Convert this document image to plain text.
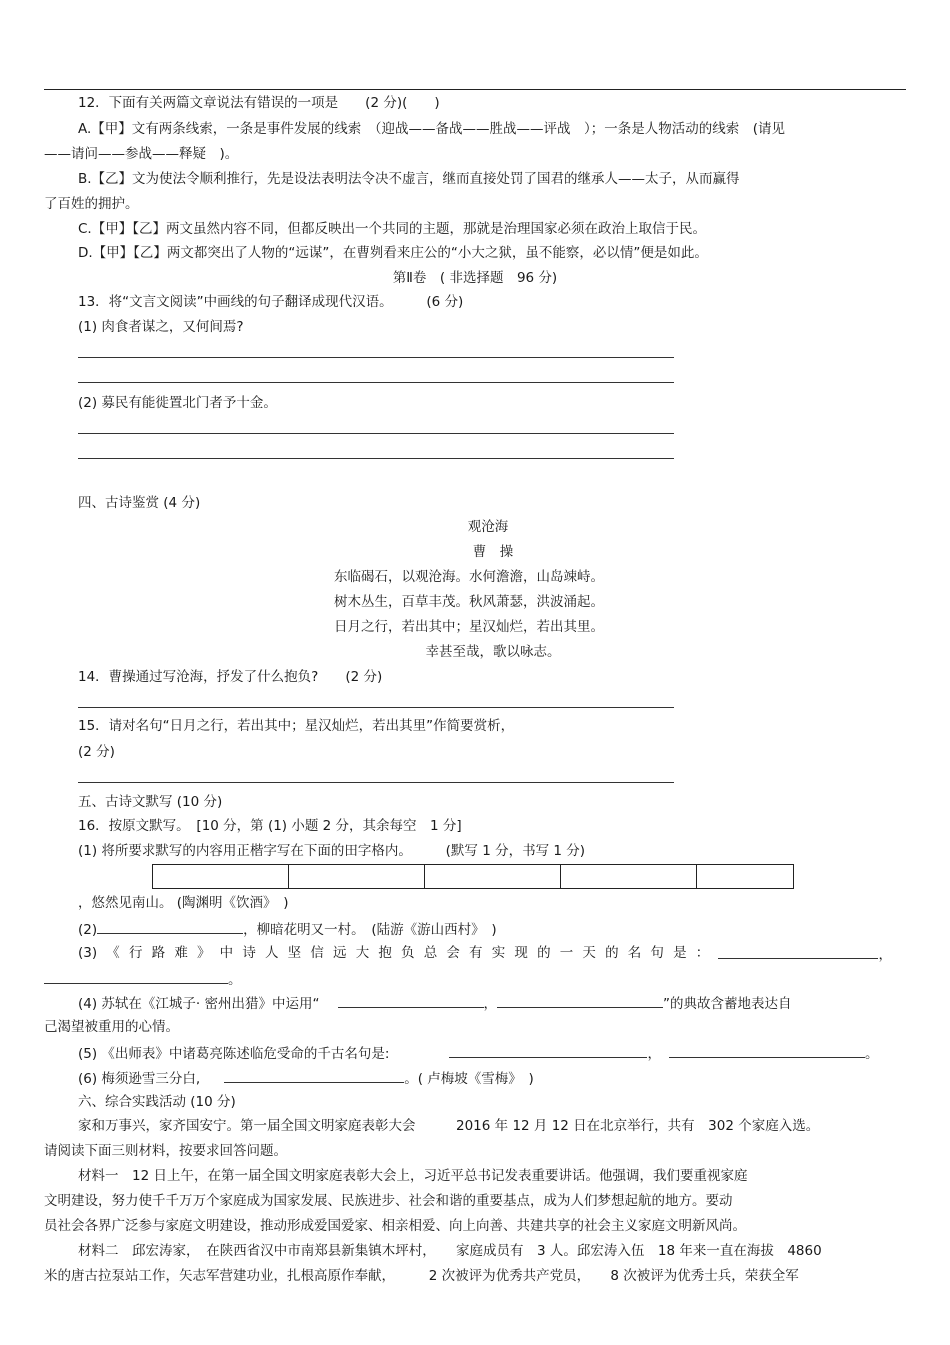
12．下面有关两篇文章说法有错误的一项是　　(2 分)(　　)
A.【甲】文有两条线索，一条是事件发展的线索　（迎战——备战——胜战——评战　）；一条是人物活动的线索　(请见
——请问——参战——释疑　)。
B.【乙】文为使法令顺利推行，先是设法表明法令决不虚言，继而直接处罚了国君的继承人——太子，从而赢得
了百姓的拥护。
C.【甲】【乙】两文虽然内容不同，但都反映出一个共同的主题，那就是治理国家必须在政治上取信于民。
D.【甲】【乙】两文都突出了人物的“远谋”，在曹刿看来庄公的“小大之狱，虽不能察，必以情”便是如此。
第Ⅱ卷　( 非选择题　96 分)
13．将“文言文阅读”中画线的句子翻译成现代汉语。　　　(6 分)
(1) 肉食者谋之，又何间焉?
(2) 募民有能徙置北门者予十金。
四、古诗鉴赏 (4 分)
观沧海
曹　操
东临碣石，以观沧海。水何澹澹，山岛竦峙。
树木丛生，百草丰茂。秋风萧瑟，洪波涌起。
日月之行，若出其中；星汉灿烂，若出其里。
幸甚至哉，歌以咏志。
14．曹操通过写沧海，抒发了什么抱负?　　(2 分)
15．请对名句“日月之行，若出其中；星汉灿烂，若出其里”作简要赏析，
(2 分)
五、古诗文默写 (10 分)
16．按原文默写。　[10 分，第 (1) 小题 2 分，其余每空　1 分]
(1) 将所要求默写的内容用正楷字写在下面的田字格内。　　　(默写 1 分，书写 1 分)
，悠然见南山。 (陶渊明《饮酒》　)
(2)	，柳暗花明又一村。　(陆游《游山西村》　)
(3) 《 行 路 难 》 中 诗 人 坚 信 远 大 抱 负 总 会 有 实 现 的 一 天 的 名 句 是 ：	，
。
(4) 苏轼在《江城子· 密州出猎》中运用“	，	”的典故含蓄地表达自
己渴望被重用的心情。
(5) 《出师表》中诸葛亮陈述临危受命的千古名句是:	，	。
(6) 梅须逊雪三分白,	。( 卢梅坡《雪梅》　)
六、综合实践活动 (10 分)
家和万事兴，家齐国安宁。第一届全国文明家庭表彰大会　　　2016 年 12 月 12 日在北京举行，共有　302 个家庭入选。
请阅读下面三则材料，按要求回答问题。
材料一　12 日上午，在第一届全国文明家庭表彰大会上，习近平总书记发表重要讲话。他强调，我们要重视家庭
文明建设，努力使千千万万个家庭成为国家发展、民族进步、社会和谐的重要基点，成为人们梦想起航的地方。要动
员社会各界广泛参与家庭文明建设，推动形成爱国爱家、相亲相爱、向上向善、共建共享的社会主义家庭文明新风尚。
材料二　邱宏涛家，　在陕西省汉中市南郑县新集镇木坪村，　　家庭成员有　3 人。邱宏涛入伍　18 年来一直在海拔　4860
米的唐古拉泵站工作，矢志军营建功业，扎根高原作奉献，　　　2 次被评为优秀共产党员，　　8 次被评为优秀士兵，荣获全军
